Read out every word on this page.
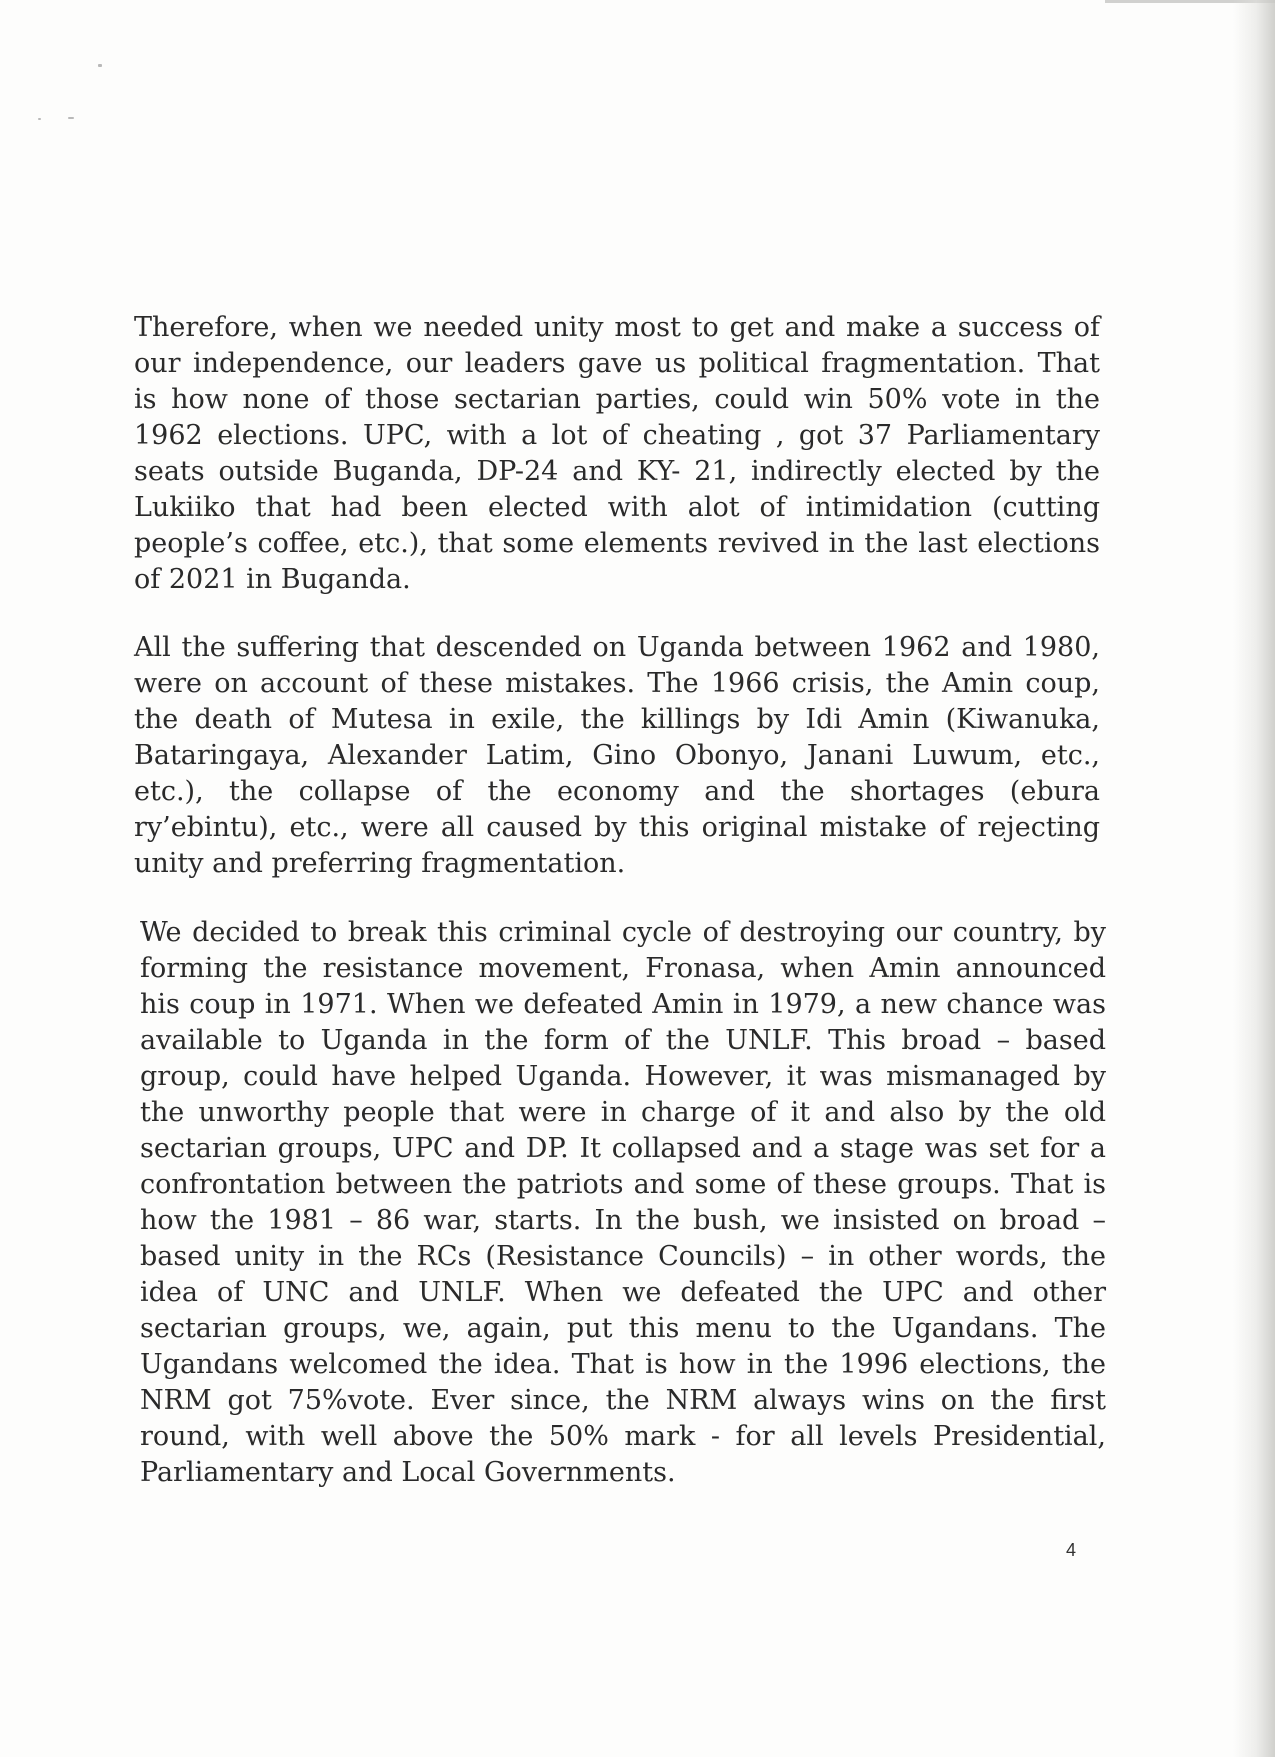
Therefore, when we needed unity most to get and make a success of our independence, our leaders gave us political fragmentation. That is how none of those sectarian parties, could win 50% vote in the 1962 elections. UPC, with a lot of cheating , got 37 Parliamentary seats outside Buganda, DP-24 and KY- 21, indirectly elected by the Lukiiko that had been elected with alot of intimidation (cutting people’s coffee, etc.), that some elements revived in the last elections of 2021 in Buganda.

All the suffering that descended on Uganda between 1962 and 1980, were on account of these mistakes. The 1966 crisis, the Amin coup, the death of Mutesa in exile, the killings by Idi Amin (Kiwanuka, Bataringaya, Alexander Latim, Gino Obonyo, Janani Luwum, etc., etc.), the collapse of the economy and the shortages (ebura ry’ebintu), etc., were all caused by this original mistake of rejecting unity and preferring fragmentation.

We decided to break this criminal cycle of destroying our country, by forming the resistance movement, Fronasa, when Amin announced his coup in 1971. When we defeated Amin in 1979, a new chance was available to Uganda in the form of the UNLF. This broad – based group, could have helped Uganda. However, it was mismanaged by the unworthy people that were in charge of it and also by the old sectarian groups, UPC and DP. It collapsed and a stage was set for a confrontation between the patriots and some of these groups. That is how the 1981 – 86 war, starts. In the bush, we insisted on broad – based unity in the RCs (Resistance Councils) – in other words, the idea of UNC and UNLF. When we defeated the UPC and other sectarian groups, we, again, put this menu to the Ugandans. The Ugandans welcomed the idea. That is how in the 1996 elections, the NRM got 75%vote. Ever since, the NRM always wins on the first round, with well above the 50% mark - for all levels Presidential, Parliamentary and Local Governments.

4
